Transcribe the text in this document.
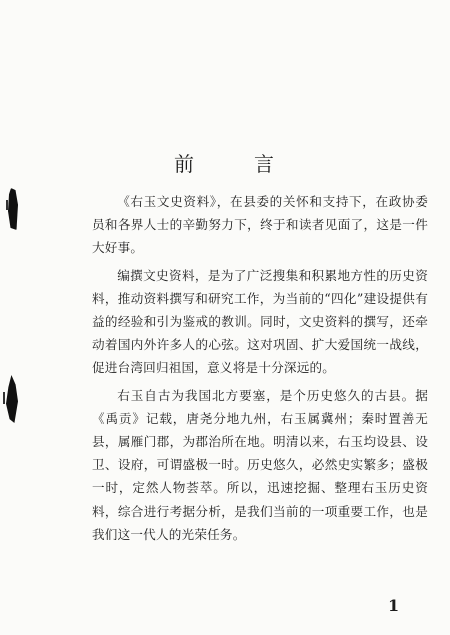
前	言

《右玉文史资料》，在县委的关怀和支持下，在政协委员和各界人士的辛勤努力下，终于和读者见面了，这是一件大好事。

编撰文史资料，是为了广泛搜集和积累地方性的历史资料，推动资料撰写和研究工作，为当前的“四化”建设提供有益的经验和引为鉴戒的教训。同时，文史资料的撰写，还牵动着国内外许多人的心弦。这对巩固、扩大爱国统一战线，促进台湾回归祖国，意义将是十分深远的。

右玉自古为我国北方要塞，是个历史悠久的古县。据《禹贡》记载，唐尧分地九州，右玉属冀州；秦时置善无县，属雁门郡，为郡治所在地。明清以来，右玉均设县、设卫、设府，可谓盛极一时。历史悠久，必然史实繁多；盛极一时，定然人物荟萃。所以，迅速挖掘、整理右玉历史资料，综合进行考据分析，是我们当前的一项重要工作，也是我们这一代人的光荣任务。

1
